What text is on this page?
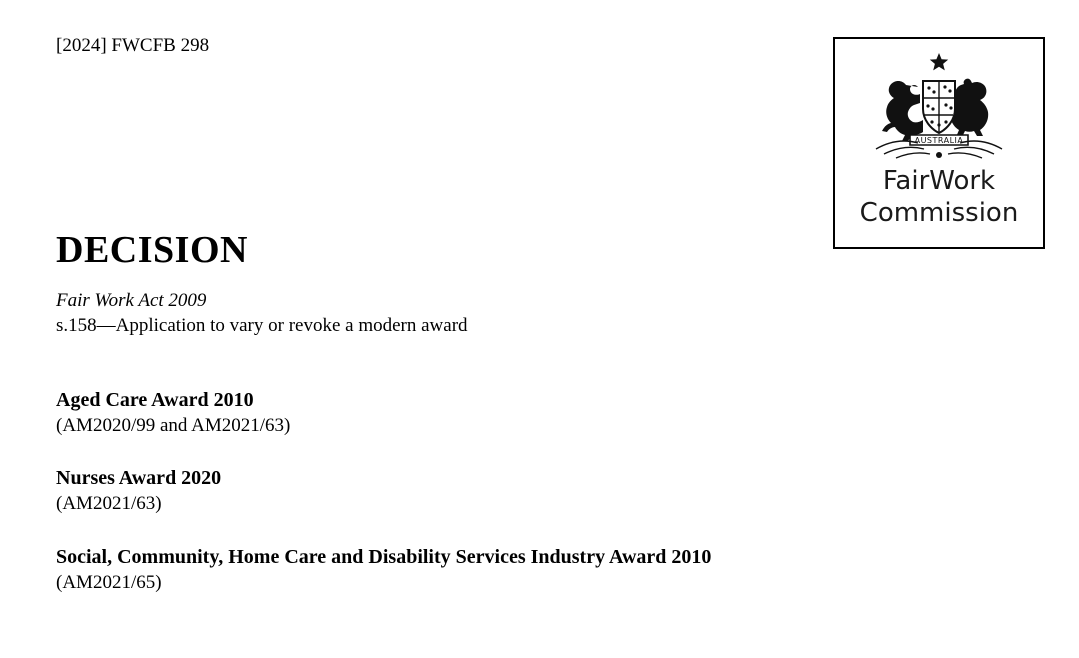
[2024] FWCFB 298
AUSTRALIA
FairWork
Commission
DECISION
Fair Work Act 2009
s.158—Application to vary or revoke a modern award

Aged Care Award 2010

(AM2020/99 and AM2021/63)

Nurses Award 2020

(AM2021/63)

Social, Community, Home Care and Disability Services Industry Award 2010

(AM2021/65)
